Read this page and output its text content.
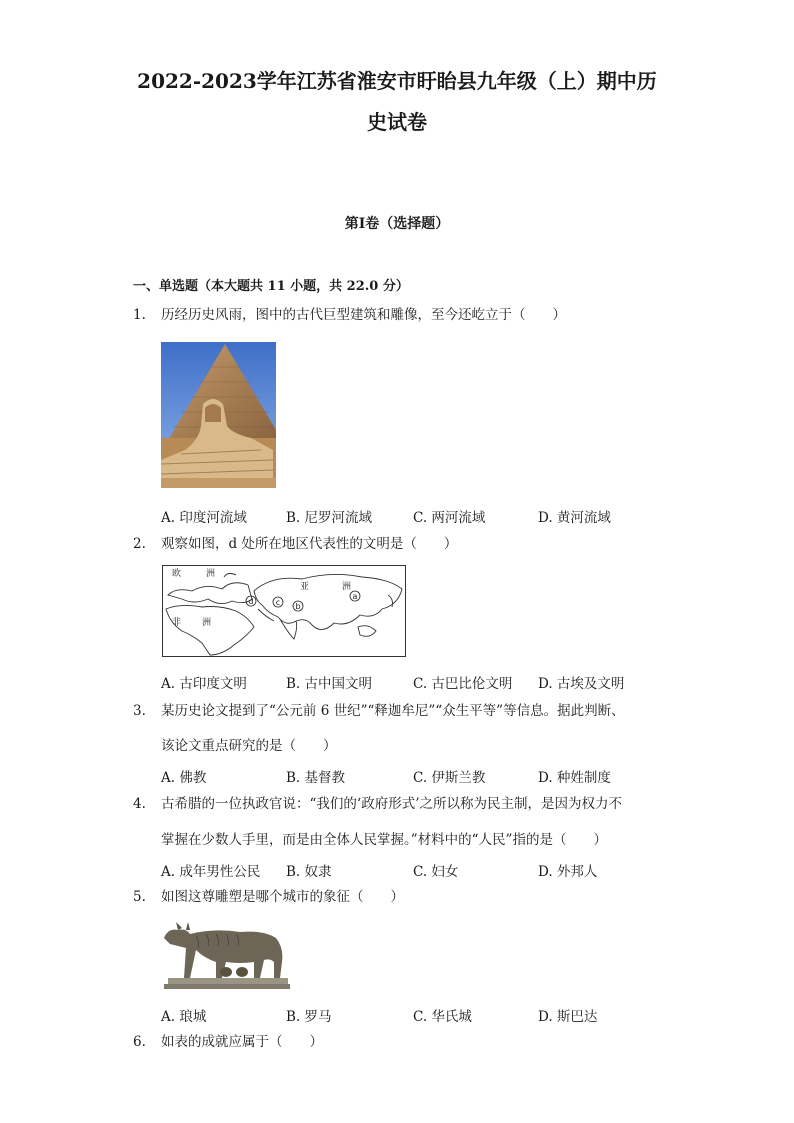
2022-2023学年江苏省淮安市盱眙县九年级（上）期中历
史试卷
第I卷（选择题）
一、单选题（本大题共 11 小题，共 22.0 分）
1. 历经历史风雨，图中的古代巨型建筑和雕像，至今还屹立于（　　）
A. 印度河流域	B. 尼罗河流域	C. 两河流域	D. 黄河流域
2. 观察如图，d 处所在地区代表性的文明是（　　）
欧	洲
亚	洲
非 洲
a
b
c
d
A. 古印度文明	B. 古中国文明	C. 古巴比伦文明 D. 古埃及文明
3. 某历史论文提到了“公元前 6 世纪”“释迦牟尼”“众生平等”等信息。据此判断、
该论文重点研究的是（　　）
A. 佛教	B. 基督教	C. 伊斯兰教	D. 种姓制度
4. 古希腊的一位执政官说：“我们的‘政府形式’之所以称为民主制，是因为权力不
掌握在少数人手里，而是由全体人民掌握。”材料中的“人民”指的是（　　）
A. 成年男性公民 B. 奴隶	C. 妇女	D. 外邦人
5. 如图这尊雕塑是哪个城市的象征（　　）
A. 琅城	B. 罗马	C. 华氏城	D. 斯巴达
6. 如表的成就应属于（　　）
